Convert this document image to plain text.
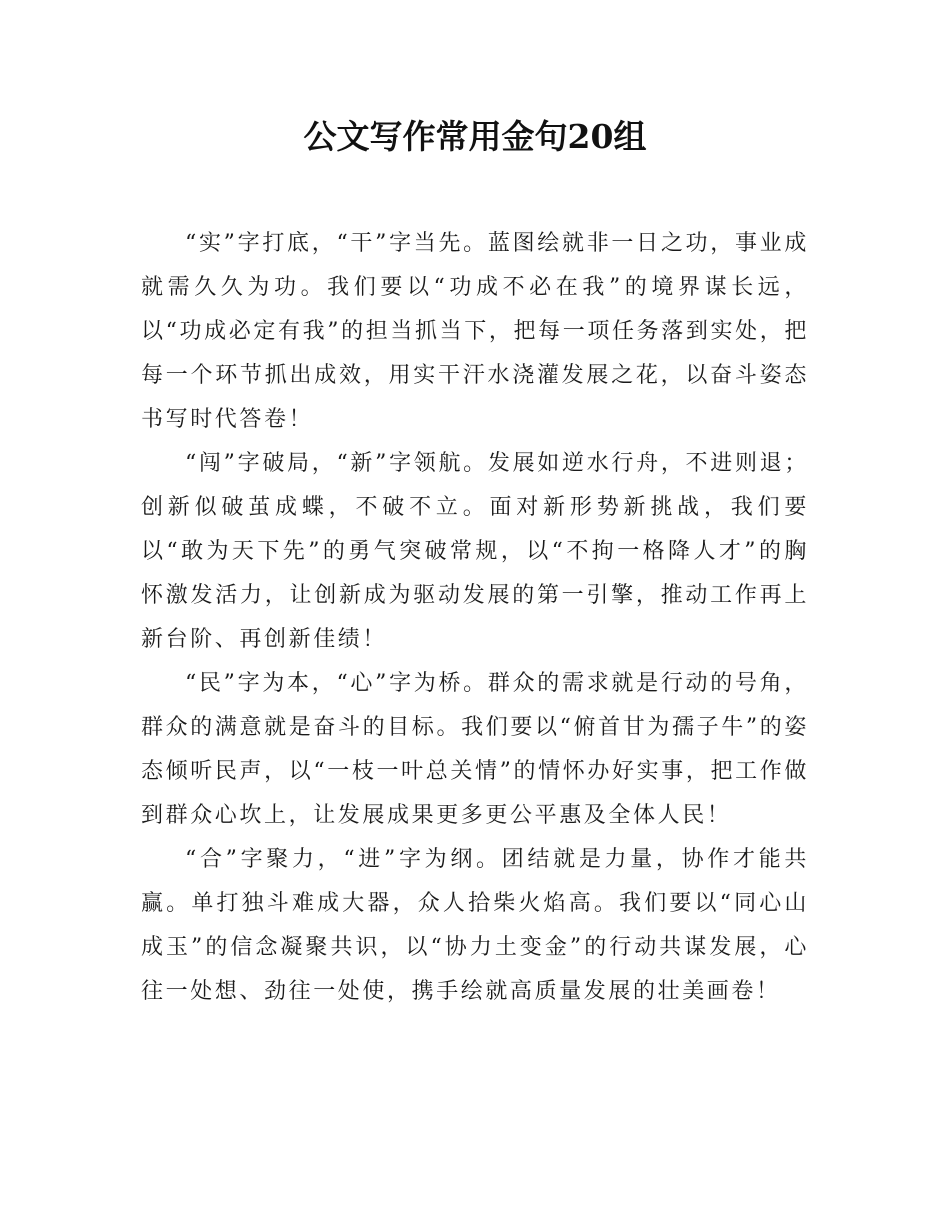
公文写作常用金句20组

“实”字打底，“干”字当先。蓝图绘就非一日之功，事业成就需久久为功。我们要以“功成不必在我”的境界谋长远，以“功成必定有我”的担当抓当下，把每一项任务落到实处，把每一个环节抓出成效，用实干汗水浇灌发展之花，以奋斗姿态书写时代答卷！

“闯”字破局，“新”字领航。发展如逆水行舟，不进则退；创新似破茧成蝶，不破不立。面对新形势新挑战，我们要以“敢为天下先”的勇气突破常规，以“不拘一格降人才”的胸怀激发活力，让创新成为驱动发展的第一引擎，推动工作再上新台阶、再创新佳绩！

“民”字为本，“心”字为桥。群众的需求就是行动的号角，群众的满意就是奋斗的目标。我们要以“俯首甘为孺子牛”的姿态倾听民声，以“一枝一叶总关情”的情怀办好实事，把工作做到群众心坎上，让发展成果更多更公平惠及全体人民！

“合”字聚力，“进”字为纲。团结就是力量，协作才能共赢。单打独斗难成大器，众人拾柴火焰高。我们要以“同心山成玉”的信念凝聚共识，以“协力土变金”的行动共谋发展，心往一处想、劲往一处使，携手绘就高质量发展的壮美画卷！
